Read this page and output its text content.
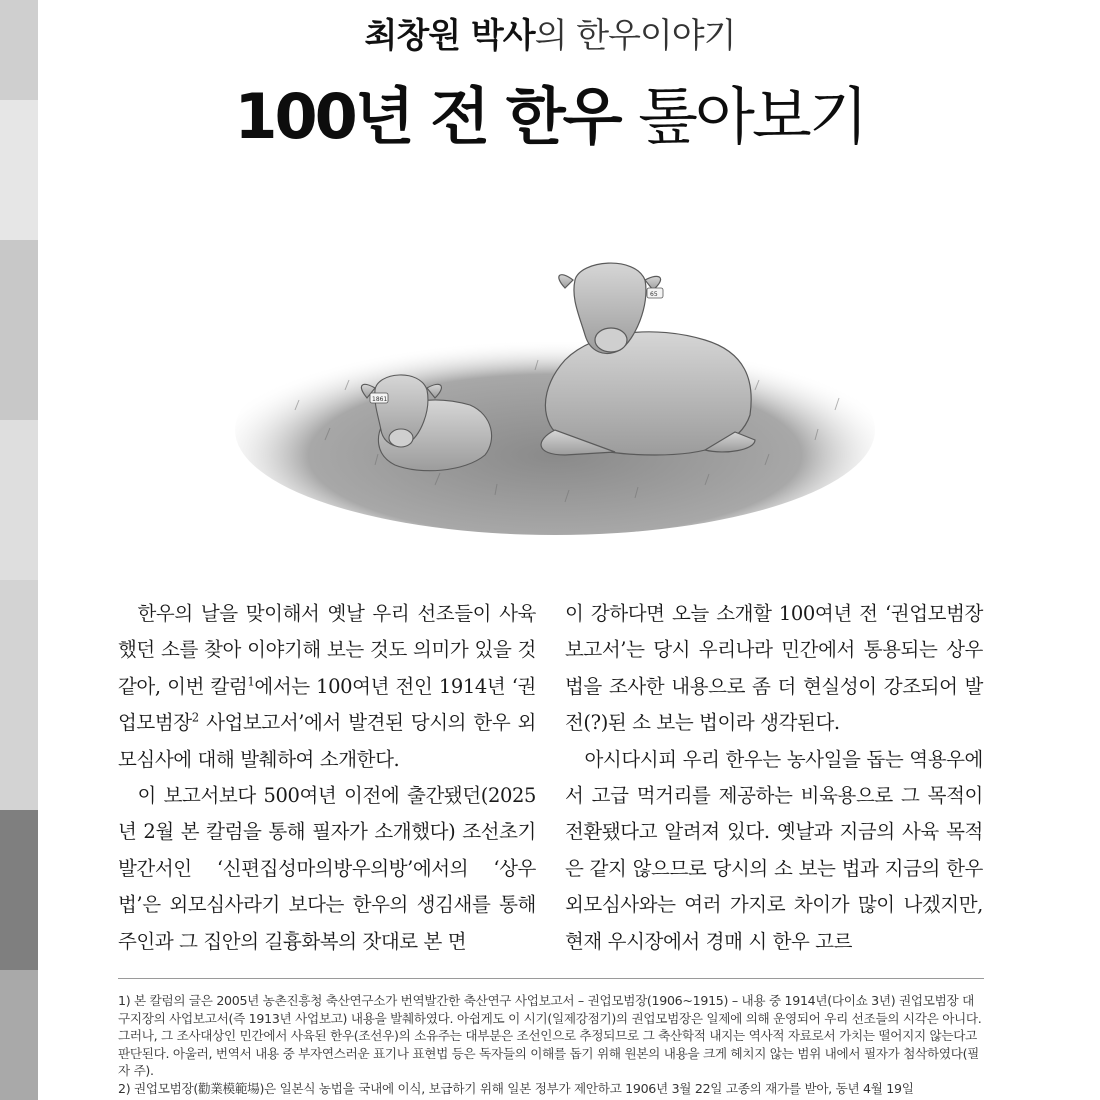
최창원 박사의 한우이야기
100년 전 한우 톺아보기
1861
65

한우의 날을 맞이해서 옛날 우리 선조들이 사육했던 소를 찾아 이야기해 보는 것도 의미가 있을 것 같아, 이번 칼럼$^1$에서는 100여년 전인 1914년 ‘권업모범장$^2$ 사업보고서’에서 발견된 당시의 한우 외모심사에 대해 발췌하여 소개한다.

이 보고서보다 500여년 이전에 출간됐던(2025년 2월 본 칼럼을 통해 필자가 소개했다) 조선초기 발간서인 ‘신편집성마의방우의방’에서의 ‘상우법’은 외모심사라기 보다는 한우의 생김새를 통해 주인과 그 집안의 길흉화복의 잣대로 본 면

이 강하다면 오늘 소개할 100여년 전 ‘권업모범장 보고서’는 당시 우리나라 민간에서 통용되는 상우법을 조사한 내용으로 좀 더 현실성이 강조되어 발전(?)된 소 보는 법이라 생각된다.

아시다시피 우리 한우는 농사일을 돕는 역용우에서 고급 먹거리를 제공하는 비육용으로 그 목적이 전환됐다고 알려져 있다. 옛날과 지금의 사육 목적은 같지 않으므로 당시의 소 보는 법과 지금의 한우 외모심사와는 여러 가지로 차이가 많이 나겠지만, 현재 우시장에서 경매 시 한우 고르

1) 본 칼럼의 글은 2005년 농촌진흥청 축산연구소가 번역발간한 축산연구 사업보고서 – 권업모범장(1906~1915) – 내용 중 1914년(다이쇼 3년) 권업모범장 대구지장의 사업보고서(즉 1913년 사업보고) 내용을 발췌하였다. 아쉽게도 이 시기(일제강점기)의 권업모범장은 일제에 의해 운영되어 우리 선조들의 시각은 아니다. 그러나, 그 조사대상인 민간에서 사육된 한우(조선우)의 소유주는 대부분은 조선인으로 추정되므로 그 축산학적 내지는 역사적 자료로서 가치는 떨어지지 않는다고 판단된다. 아울러, 번역서 내용 중 부자연스러운 표기나 표현법 등은 독자들의 이해를 돕기 위해 원본의 내용을 크게 헤치지 않는 범위 내에서 필자가 첨삭하였다(필자 주).

2) 권업모범장(勸業模範場)은 일본식 농법을 국내에 이식, 보급하기 위해 일본 정부가 제안하고 1906년 3월 22일 고종의 재가를 받아, 동년 4월 19일
